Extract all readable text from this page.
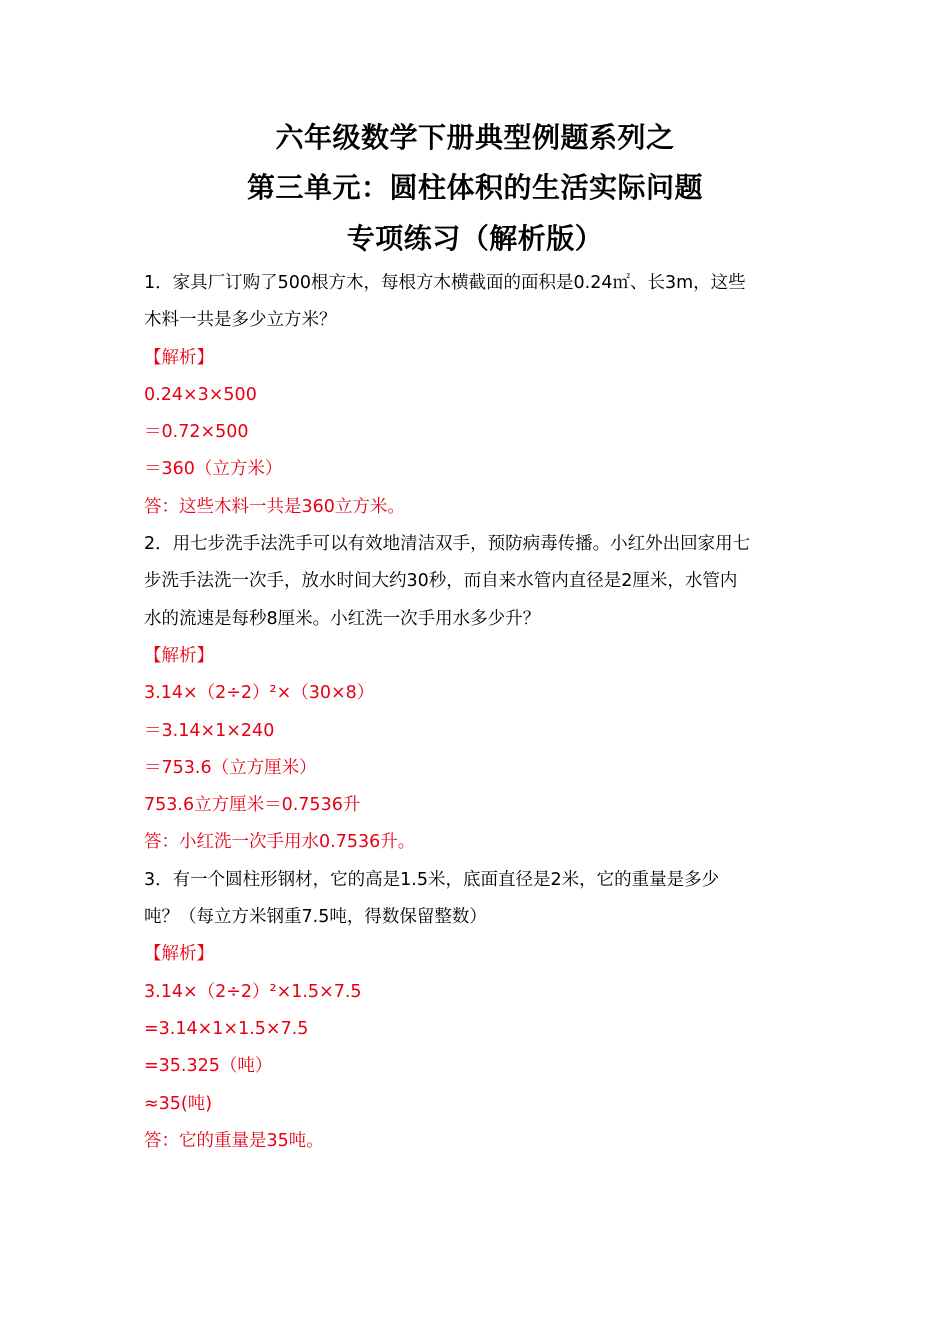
六年级数学下册典型例题系列之
第三单元：圆柱体积的生活实际问题
专项练习（解析版）
1．家具厂订购了500根方木，每根方木横截面的面积是0.24㎡、长3m，这些
木料一共是多少立方米？
【解析】
0.24×3×500
＝0.72×500
＝360（立方米）
答：这些木料一共是360立方米。
2．用七步洗手法洗手可以有效地清洁双手，预防病毒传播。小红外出回家用七
步洗手法洗一次手，放水时间大约30秒，而自来水管内直径是2厘米，水管内
水的流速是每秒8厘米。小红洗一次手用水多少升？
【解析】
3.14×（2÷2）²×（30×8）
＝3.14×1×240
＝753.6（立方厘米）
753.6立方厘米＝0.7536升
答：小红洗一次手用水0.7536升。
3．有一个圆柱形钢材，它的高是1.5米，底面直径是2米，它的重量是多少
吨？（每立方米钢重7.5吨，得数保留整数）
【解析】
3.14×（2÷2）²×1.5×7.5
=3.14×1×1.5×7.5
=35.325（吨）
≈35(吨)
答：它的重量是35吨。
